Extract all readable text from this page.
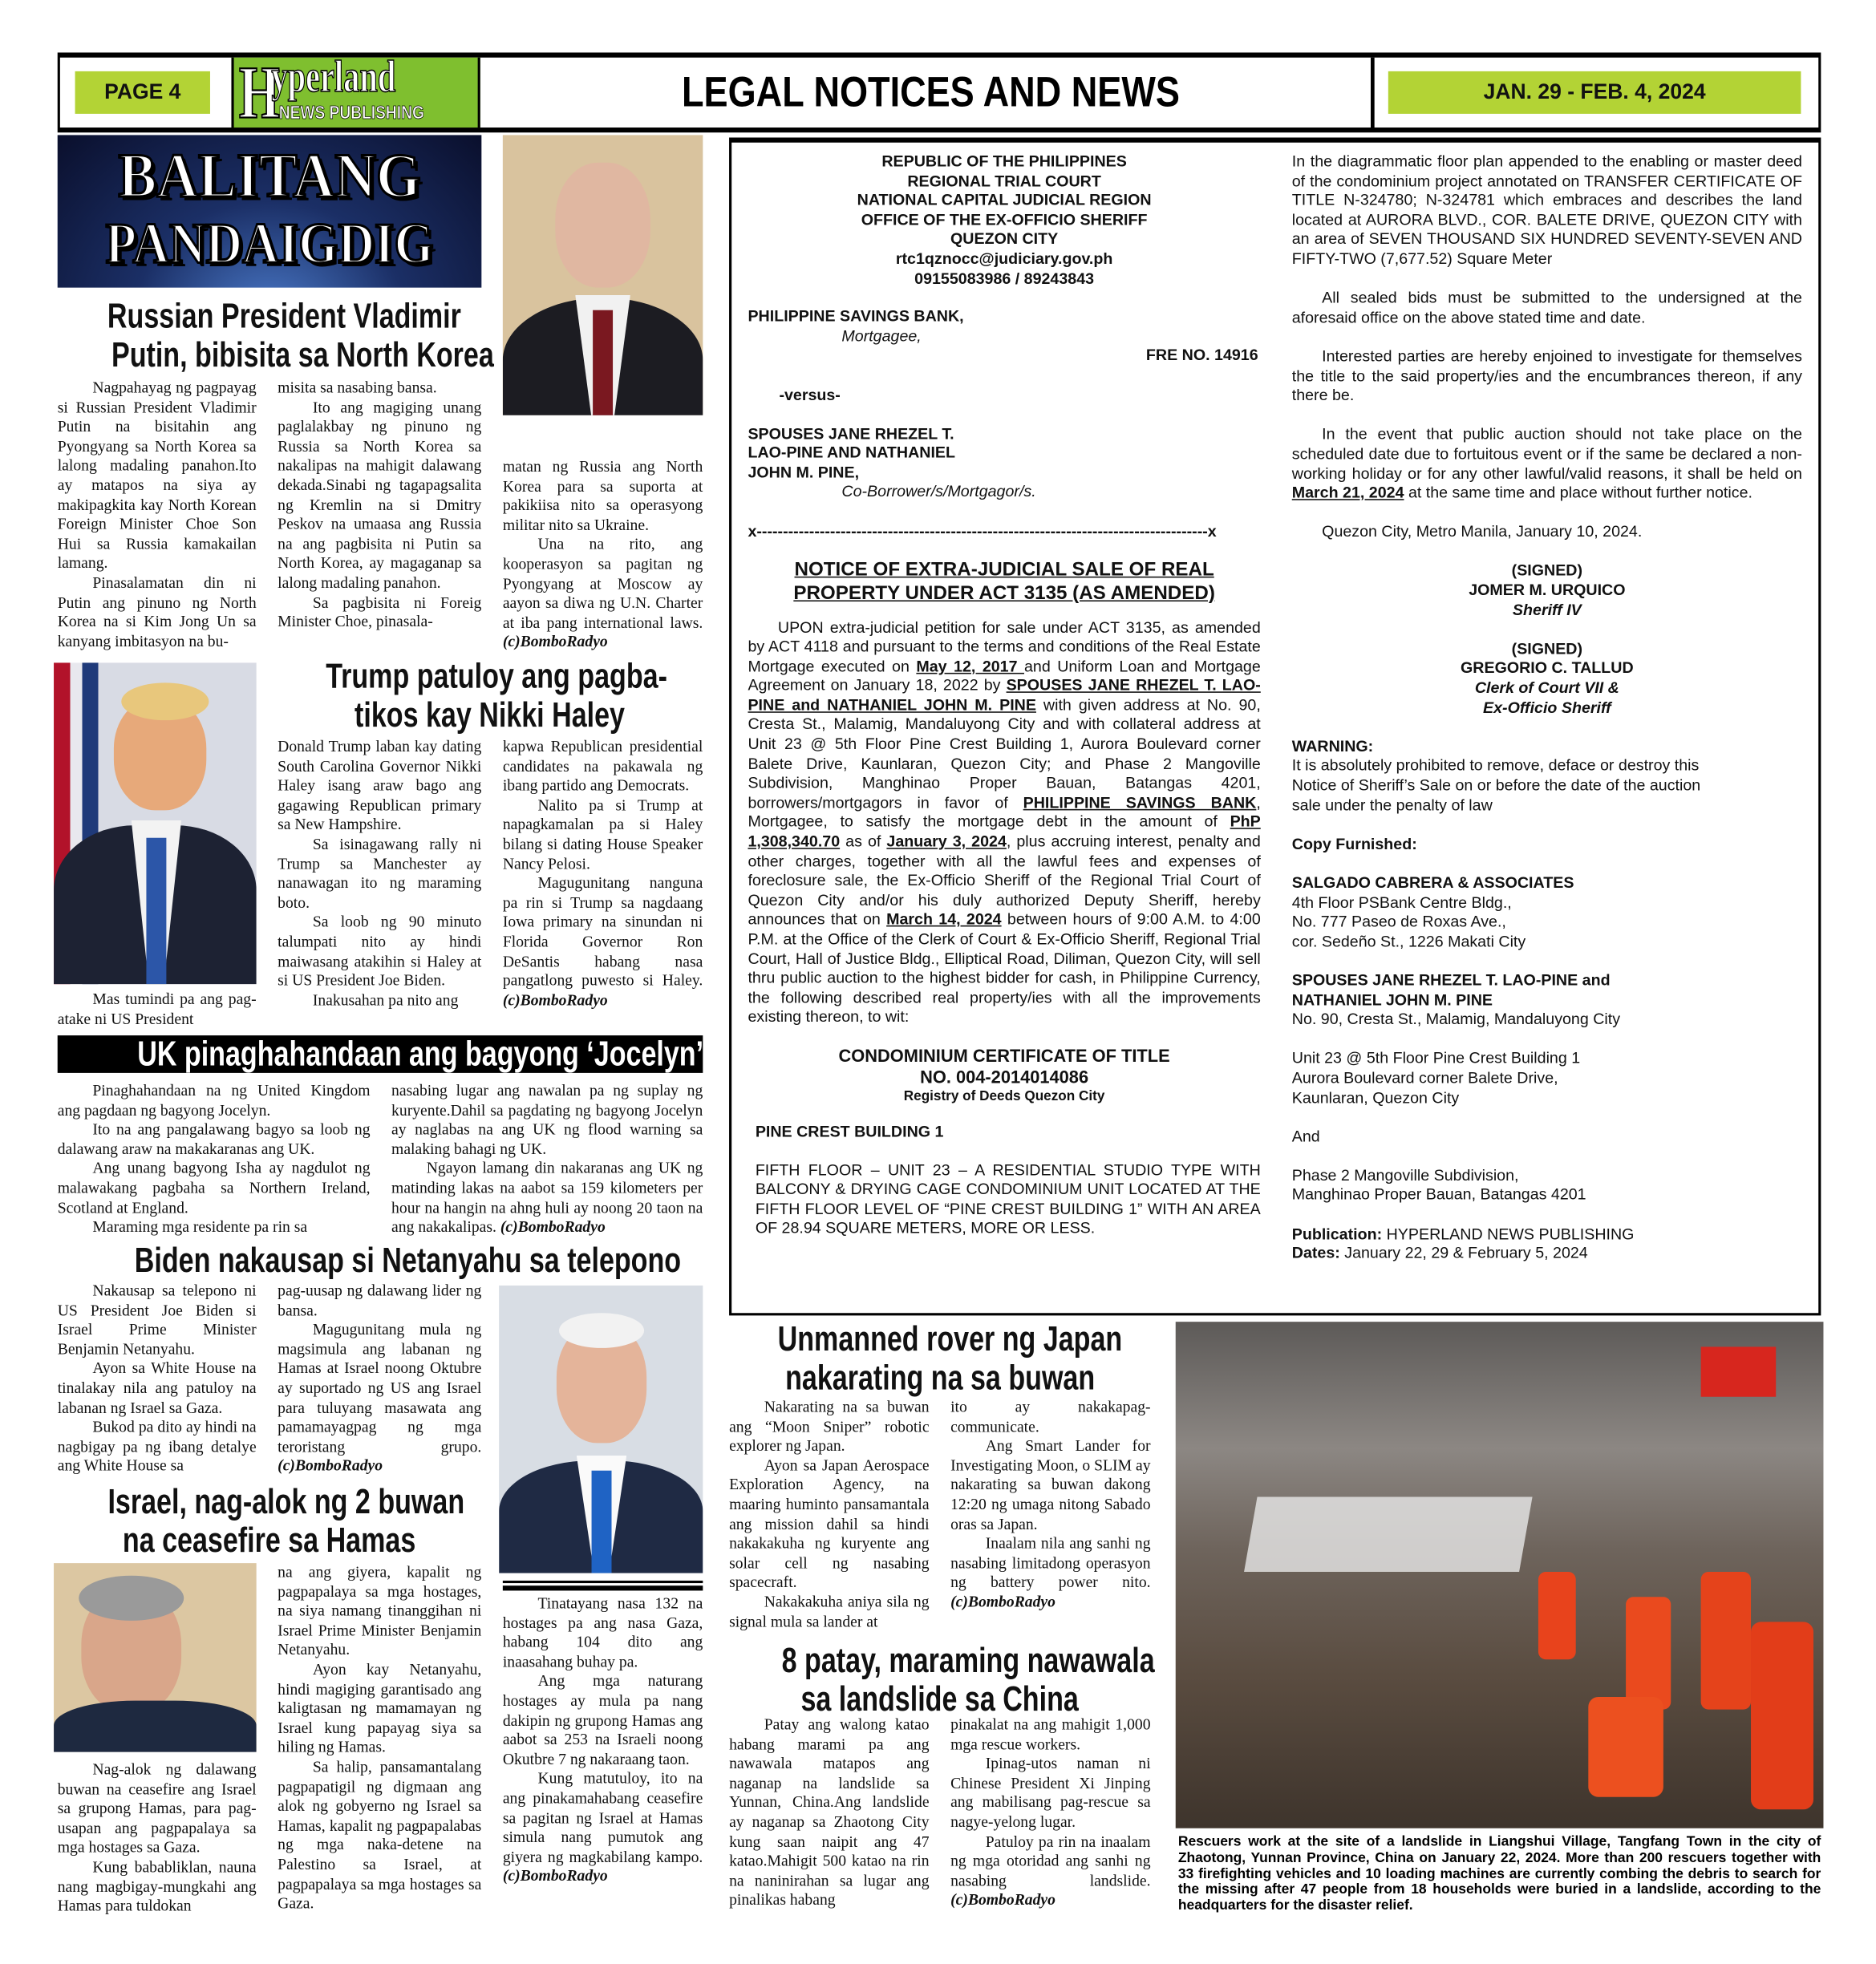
PAGE 4 H
yperland
NEWS PUBLISHING	LEGAL NOTICES AND NEWS	JAN. 29 - FEB. 4, 2024
BALITANG
PANDAIGDIG
Russian President Vladimir
Putin, bibisita sa North Korea

Nagpahayag ng pagpayag si Russian President Vladimir Putin na bisitahin ang Pyongyang sa North Korea sa lalong madaling panahon.Ito ay matapos na siya ay makipagkita kay North Korean Foreign Minister Choe Son Hui sa Russia kamakailan lamang.

Pinasalamatan din ni Putin ang pinuno ng North Korea na si Kim Jong Un sa kanyang imbitasyon na bu-

misita sa nasabing bansa.

Ito ang magiging unang paglalakbay ng pinuno ng Russia sa North Korea sa nakalipas na mahigit dalawang dekada.Sinabi ng tagapagsalita ng Kremlin na si Dmitry Peskov na umaasa ang Russia na ang pagbisita ni Putin sa North Korea, ay magaganap sa lalong madaling panahon.

Sa pagbisita ni Foreig Minister Choe, pinasala-

matan ng Russia ang North Korea para sa suporta at pakikiisa nito sa operasyong militar nito sa Ukraine.

Una na rito, ang kooperasyon sa pagitan ng Pyongyang at Moscow ay aayon sa diwa ng U.N. Charter at iba pang international laws. (c)BomboRadyo

Trump patuloy ang pagba-
tikos kay Nikki Haley

Mas tumindi pa ang pag-atake ni US President

Donald Trump laban kay dating South Carolina Governor Nikki Haley isang araw bago ang gagawing Republican primary sa New Hampshire.

Sa isinagawang rally ni Trump sa Manchester ay nanawagan ito ng maraming boto.

Sa loob ng 90 minuto talumpati nito ay hindi maiwasang atakihin si Haley at si US President Joe Biden.

Inakusahan pa nito ang

kapwa Republican presidential candidates na pakawala ng ibang partido ang Democrats.

Nalito pa si Trump at napagkamalan pa si Haley bilang si dating House Speaker Nancy Pelosi.

Magugunitang nanguna pa rin si Trump sa nagdaang Iowa primary na sinundan ni Florida Governor Ron DeSantis habang nasa pangatlong puwesto si Haley. (c)BomboRadyo

UK pinaghahandaan ang bagyong ‘Jocelyn’

Pinaghahandaan na ng United Kingdom ang pagdaan ng bagyong Jocelyn.

Ito na ang pangalawang bagyo sa loob ng dalawang araw na makakaranas ang UK.

Ang unang bagyong Isha ay nagdulot ng malawakang pagbaha sa Northern Ireland, Scotland at England.

Maraming mga residente pa rin sa

nasabing lugar ang nawalan pa ng suplay ng kuryente.Dahil sa pagdating ng bagyong Jocelyn ay naglabas na ang UK ng flood warning sa malaking bahagi ng UK.

Ngayon lamang din nakaranas ang UK ng matinding lakas na aabot sa 159 kilometers per hour na hangin na ahng huli ay noong 20 taon na ang nakakalipas. (c)BomboRadyo

Biden nakausap si Netanyahu sa telepono

Nakausap sa telepono ni US President Joe Biden si Israel Prime Minister Benjamin Netanyahu.

Ayon sa White House na tinalakay nila ang patuloy na labanan ng Israel sa Gaza.

Bukod pa dito ay hindi na nagbigay pa ng ibang detalye ang White House sa

pag-uusap ng dalawang lider ng bansa.

Magugunitang mula ng magsimula ang labanan ng Hamas at Israel noong Oktubre ay suportado ng US ang Israel para tuluyang masawata ang pamamayagpag ng mga teroristang grupo. (c)BomboRadyo

Israel, nag-alok ng 2 buwan
na ceasefire sa Hamas

Nag-alok ng dalawang buwan na ceasefire ang Israel sa grupong Hamas, para pag-usapan ang pagpapalaya sa mga hostages sa Gaza.

Kung bababliklan, nauna nang magbigay-mungkahi ang Hamas para tuldokan

na ang giyera, kapalit ng pagpapalaya sa mga hostages, na siya namang tinanggihan ni Israel Prime Minister Benjamin Netanyahu.

Ayon kay Netanyahu, hindi magiging garantisado ang kaligtasan ng mamamayan ng Israel kung papayag siya sa hiling ng Hamas.

Sa halip, pansamantalang pagpapatigil ng digmaan ang alok ng gobyerno ng Israel sa Hamas, kapalit ng pagpapalabas ng mga naka-detene na Palestino sa Israel, at pagpapalaya sa mga hostages sa Gaza.

Tinatayang nasa 132 na hostages pa ang nasa Gaza, habang 104 dito ang inaasahang buhay pa.

Ang mga naturang hostages ay mula pa nang dakipin ng grupong Hamas ang aabot sa 253 na Israeli noong Okutbre 7 ng nakaraang taon.

Kung matutuloy, ito na ang pinakamahabang ceasefire sa pagitan ng Israel at Hamas simula nang pumutok ang giyera ng magkabilang kampo. (c)BomboRadyo

REPUBLIC OF THE PHILIPPINES

REGIONAL TRIAL COURT

NATIONAL CAPITAL JUDICIAL REGION

OFFICE OF THE EX-OFFICIO SHERIFF

QUEZON CITY

rtc1qznocc@judiciary.gov.ph

09155083986 / 89243843

PHILIPPINE SAVINGS BANK,

Mortgagee,

FRE NO. 14916

-versus-

SPOUSES JANE RHEZEL T.

LAO-PINE AND NATHANIEL

JOHN M. PINE,

Co-Borrower/s/Mortgagor/s.

x--------------------------------------------------------------------------------------x

NOTICE OF EXTRA-JUDICIAL SALE OF REAL

PROPERTY UNDER ACT 3135 (AS AMENDED)

UPON extra-judicial petition for sale under ACT 3135, as amended by ACT 4118 and pursuant to the terms and conditions of the Real Estate Mortgage executed on May 12, 2017 and Uniform Loan and Mortgage Agreement on January 18, 2022 by SPOUSES JANE RHEZEL T. LAO-PINE and NATHANIEL JOHN M. PINE with given address at No. 90, Cresta St., Malamig, Mandaluyong City and with collateral address at Unit 23 @ 5th Floor Pine Crest Building 1, Aurora Boulevard corner Balete Drive, Kaunlaran, Quezon City; and Phase 2 Mangoville Subdivision, Manghinao Proper Bauan, Batangas 4201, borrowers/mortgagors in favor of PHILIPPINE SAVINGS BANK, Mortgagee, to satisfy the mortgage debt in the amount of PhP 1,308,340.70 as of January 3, 2024, plus accruing interest, penalty and other charges, together with all the lawful fees and expenses of foreclosure sale, the Ex-Officio Sheriff of the Regional Trial Court of Quezon City and/or his duly authorized Deputy Sheriff, hereby announces that on March 14, 2024 between hours of 9:00 A.M. to 4:00 P.M. at the Office of the Clerk of Court & Ex-Officio Sheriff, Regional Trial Court, Hall of Justice Bldg., Elliptical Road, Diliman, Quezon City, will sell thru public auction to the highest bidder for cash, in Philippine Currency, the following described real property/ies with all the improvements existing thereon, to wit:

CONDOMINIUM CERTIFICATE OF TITLE

NO. 004-2014014086

Registry of Deeds Quezon City

PINE CREST BUILDING 1

FIFTH FLOOR – UNIT 23 – A RESIDENTIAL STUDIO TYPE WITH BALCONY & DRYING CAGE CONDOMINIUM UNIT LOCATED AT THE FIFTH FLOOR LEVEL OF “PINE CREST BUILDING 1” WITH AN AREA OF 28.94 SQUARE METERS, MORE OR LESS.

In the diagrammatic floor plan appended to the enabling or master deed of the condominium project annotated on TRANSFER CERTIFICATE OF TITLE N-324780; N-324781 which embraces and describes the land located at AURORA BLVD., COR. BALETE DRIVE, QUEZON CITY with an area of SEVEN THOUSAND SIX HUNDRED SEVENTY-SEVEN AND FIFTY-TWO (7,677.52) Square Meter

All sealed bids must be submitted to the undersigned at the aforesaid office on the above stated time and date.

Interested parties are hereby enjoined to investigate for themselves the title to the said property/ies and the encumbrances thereon, if any there be.

In the event that public auction should not take place on the scheduled date due to fortuitous event or if the same be declared a non-working holiday or for any other lawful/valid reasons, it shall be held on March 21, 2024 at the same time and place without further notice.

Quezon City, Metro Manila, January 10, 2024.

(SIGNED)

JOMER M. URQUICO

Sheriff IV

(SIGNED)

GREGORIO C. TALLUD

Clerk of Court VII &

Ex-Officio Sheriff

WARNING:

It is absolutely prohibited to remove, deface or destroy this Notice of Sheriff’s Sale on or before the date of the auction sale under the penalty of law

Copy Furnished:

SALGADO CABRERA & ASSOCIATES

4th Floor PSBank Centre Bldg.,

No. 777 Paseo de Roxas Ave.,

cor. Sedeño St., 1226 Makati City

SPOUSES JANE RHEZEL T. LAO-PINE and

NATHANIEL JOHN M. PINE

No. 90, Cresta St., Malamig, Mandaluyong City

Unit 23 @ 5th Floor Pine Crest Building 1

Aurora Boulevard corner Balete Drive,

Kaunlaran, Quezon City

And

Phase 2 Mangoville Subdivision,

Manghinao Proper Bauan, Batangas 4201

Publication: HYPERLAND NEWS PUBLISHING

Dates: January 22, 29 & February 5, 2024

Unmanned rover ng Japan
nakarating na sa buwan

Nakarating na sa buwan ang “Moon Sniper” robotic explorer ng Japan.

Ayon sa Japan Aerospace Exploration Agency, na maaring huminto pansamantala ang mission dahil sa hindi nakakakuha ng kuryente ang solar cell ng nasabing spacecraft.

Nakakakuha aniya sila ng signal mula sa lander at

ito ay nakakapag-communicate.

Ang Smart Lander for Investigating Moon, o SLIM ay nakarating sa buwan dakong 12:20 ng umaga nitong Sabado oras sa Japan.

Inaalam nila ang sanhi ng nasabing limitadong operasyon ng battery power nito. (c)BomboRadyo

8 patay, maraming nawawala
sa landslide sa China

Patay ang walong katao habang marami pa ang nawawala matapos ang naganap na landslide sa Yunnan, China.Ang landslide ay naganap sa Zhaotong City kung saan naipit ang 47 katao.Mahigit 500 katao na rin na naninirahan sa lugar ang pinalikas habang

pinakalat na ang mahigit 1,000 mga rescue workers.

Ipinag-utos naman ni Chinese President Xi Jinping ang mabilisang pag-rescue sa nagye-yelong lugar.

Patuloy pa rin na inaalam ng mga otoridad ang sanhi ng nasabing landslide. (c)BomboRadyo

Rescuers work at the site of a landslide in Liangshui Village, Tangfang Town in the city of Zhaotong, Yunnan Province, China on January 22, 2024. More than 200 rescuers together with 33 firefighting vehicles and 10 loading machines are currently combing the debris to search for the missing after 47 people from 18 households were buried in a landslide, according to the headquarters for the disaster relief.
